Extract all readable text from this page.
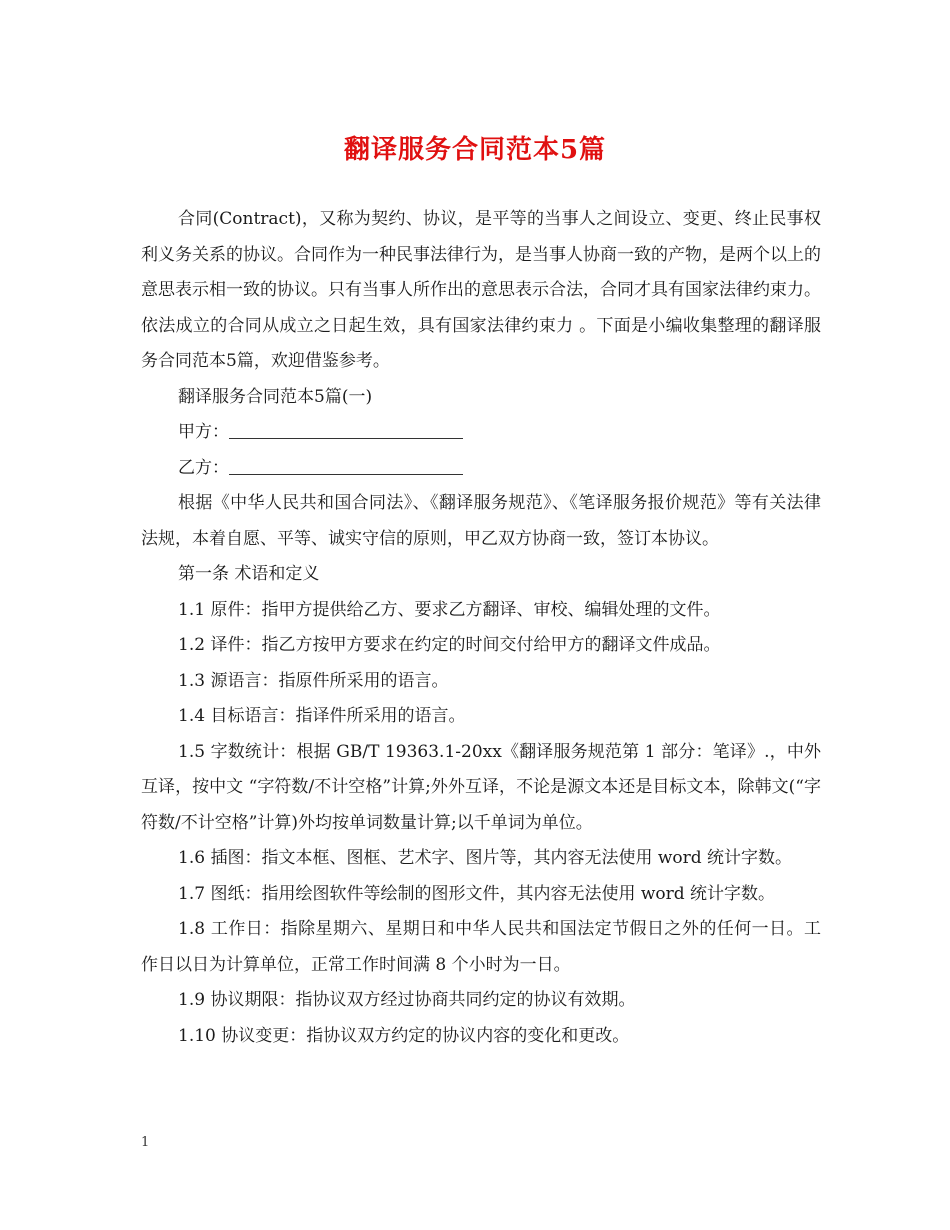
翻译服务合同范本5篇

合同(Contract)，又称为契约、协议，是平等的当事人之间设立、变更、终止民事权利义务关系的协议。合同作为一种民事法律行为，是当事人协商一致的产物，是两个以上的意思表示相一致的协议。只有当事人所作出的意思表示合法，合同才具有国家法律约束力。依法成立的合同从成立之日起生效，具有国家法律约束力 。下面是小编收集整理的翻译服务合同范本5篇，欢迎借鉴参考。

翻译服务合同范本5篇(一)

甲方：

乙方：

根据《中华人民共和国合同法》、《翻译服务规范》、《笔译服务报价规范》等有关法律法规，本着自愿、平等、诚实守信的原则，甲乙双方协商一致，签订本协议。

第一条 术语和定义

1.1 原件：指甲方提供给乙方、要求乙方翻译、审校、编辑处理的文件。

1.2 译件：指乙方按甲方要求在约定的时间交付给甲方的翻译文件成品。

1.3 源语言：指原件所采用的语言。

1.4 目标语言：指译件所采用的语言。

1.5 字数统计：根据 GB/T 19363.1-20xx《翻译服务规范第 1 部分：笔译》.，中外互译，按中文 “字符数/不计空格”计算;外外互译，不论是源文本还是目标文本，除韩文(“字符数/不计空格”计算)外均按单词数量计算;以千单词为单位。

1.6 插图：指文本框、图框、艺术字、图片等，其内容无法使用 word 统计字数。

1.7 图纸：指用绘图软件等绘制的图形文件，其内容无法使用 word 统计字数。

1.8 工作日：指除星期六、星期日和中华人民共和国法定节假日之外的任何一日。工作日以日为计算单位，正常工作时间满 8 个小时为一日。

1.9 协议期限：指协议双方经过协商共同约定的协议有效期。

1.10 协议变更：指协议双方约定的协议内容的变化和更改。

1
